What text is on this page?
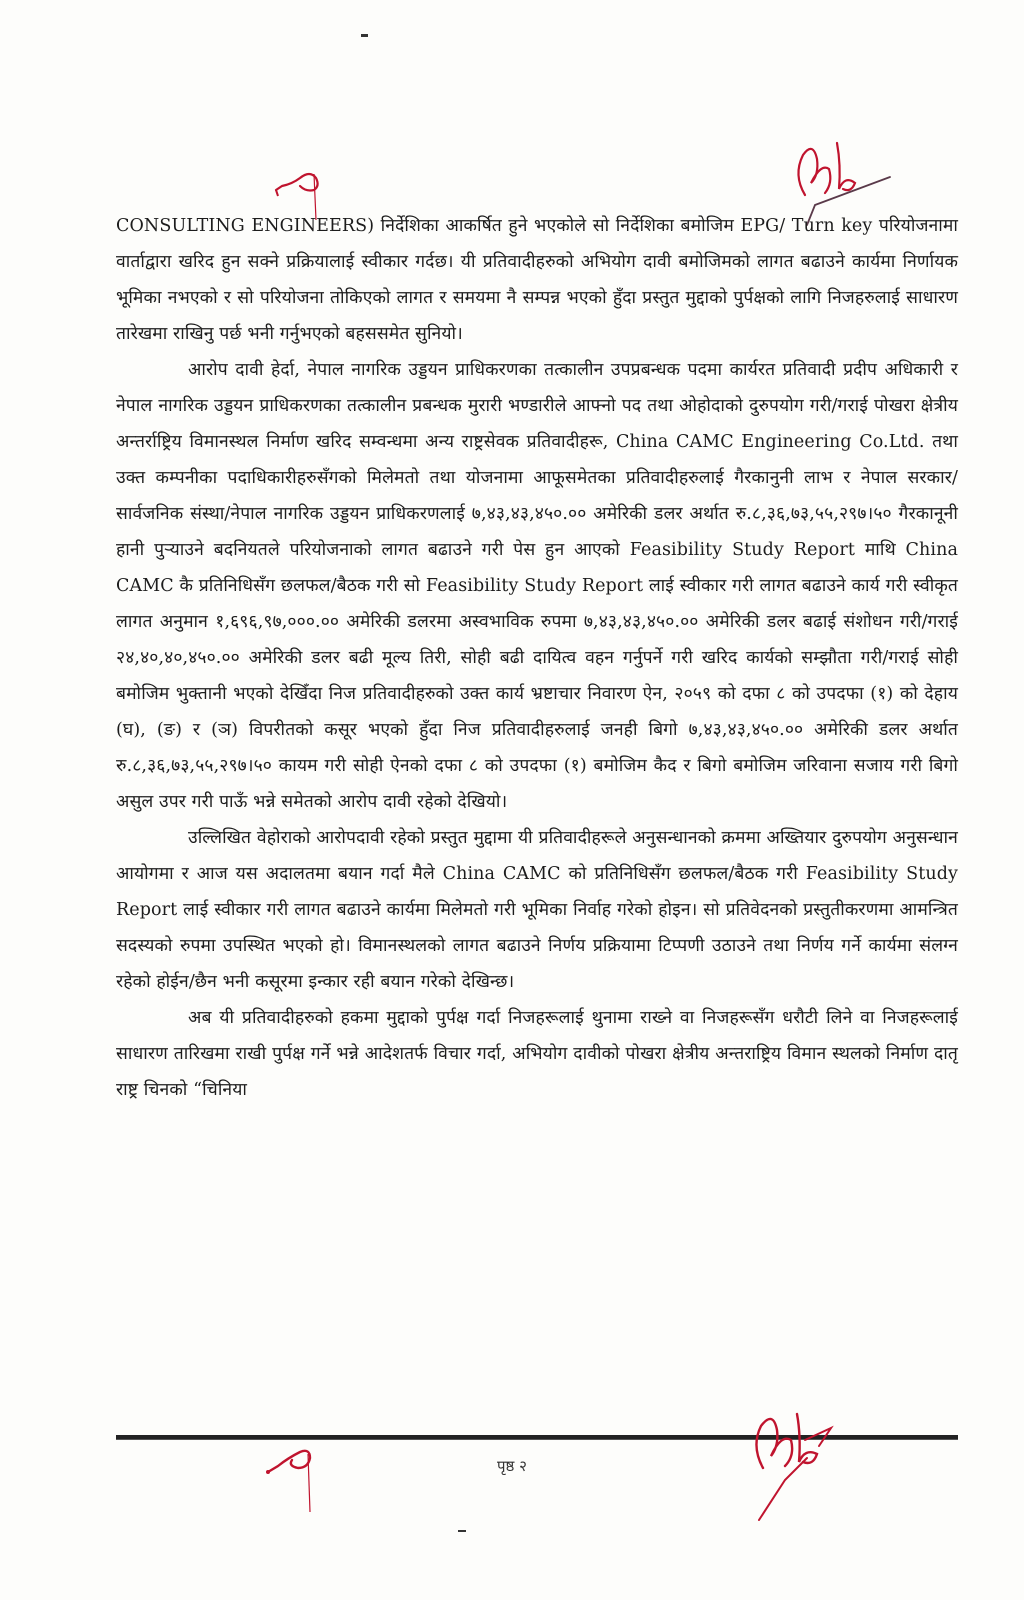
CONSULTING ENGINEERS) निर्देशिका आकर्षित हुने भएकोले सो निर्देशिका बमोजिम EPG/ Turn key परियोजनामा वार्ताद्वारा खरिद हुन सक्ने प्रक्रियालाई स्वीकार गर्दछ। यी प्रतिवादीहरुको अभियोग दावी बमोजिमको लागत बढाउने कार्यमा निर्णायक भूमिका नभएको र सो परियोजना तोकिएको लागत र समयमा नै सम्पन्न भएको हुँदा प्रस्तुत मुद्दाको पुर्पक्षको लागि निजहरुलाई साधारण तारेखमा राखिनु पर्छ भनी गर्नुभएको बहससमेत सुनियो।

आरोप दावी हेर्दा, नेपाल नागरिक उड्डयन प्राधिकरणका तत्कालीन उपप्रबन्धक पदमा कार्यरत प्रतिवादी प्रदीप अधिकारी र नेपाल नागरिक उड्डयन प्राधिकरणका तत्कालीन प्रबन्धक मुरारी भण्डारीले आफ्नो पद तथा ओहोदाको दुरुपयोग गरी/गराई पोखरा क्षेत्रीय अन्तर्राष्ट्रिय विमानस्थल निर्माण खरिद सम्वन्धमा अन्य राष्ट्रसेवक प्रतिवादीहरू, China CAMC Engineering Co.Ltd. तथा उक्त कम्पनीका पदाधिकारीहरुसँगको मिलेमतो तथा योजनामा आफूसमेतका प्रतिवादीहरुलाई गैरकानुनी लाभ र नेपाल सरकार/सार्वजनिक संस्था/नेपाल नागरिक उड्डयन प्राधिकरणलाई ७,४३,४३,४५०.०० अमेरिकी डलर अर्थात रु.८,३६,७३,५५,२९७।५० गैरकानूनी हानी पुऱ्याउने बदनियतले परियोजनाको लागत बढाउने गरी पेस हुन आएको Feasibility Study Report माथि China CAMC कै प्रतिनिधिसँग छलफल/बैठक गरी सो Feasibility Study Report लाई स्वीकार गरी लागत बढाउने कार्य गरी स्वीकृत लागत अनुमान १,६९६,९७,०००.०० अमेरिकी डलरमा अस्वभाविक रुपमा ७,४३,४३,४५०.०० अमेरिकी डलर बढाई संशोधन गरी/गराई २४,४०,४०,४५०.०० अमेरिकी डलर बढी मूल्य तिरी, सोही बढी दायित्व वहन गर्नुपर्ने गरी खरिद कार्यको सम्झौता गरी/गराई सोही बमोजिम भुक्तानी भएको देखिँदा निज प्रतिवादीहरुको उक्त कार्य भ्रष्टाचार निवारण ऐन, २०५९ को दफा ८ को उपदफा (१) को देहाय (घ), (ङ) र (ञ) विपरीतको कसूर भएको हुँदा निज प्रतिवादीहरुलाई जनही बिगो ७,४३,४३,४५०.०० अमेरिकी डलर अर्थात रु.८,३६,७३,५५,२९७।५० कायम गरी सोही ऐनको दफा ८ को उपदफा (१) बमोजिम कैद र बिगो बमोजिम जरिवाना सजाय गरी बिगो असुल उपर गरी पाऊँ भन्ने समेतको आरोप दावी रहेको देखियो।

उल्लिखित वेहोराको आरोपदावी रहेको प्रस्तुत मुद्दामा यी प्रतिवादीहरूले अनुसन्धानको क्रममा अख्तियार दुरुपयोग अनुसन्धान आयोगमा र आज यस अदालतमा बयान गर्दा मैले China CAMC को प्रतिनिधिसँग छलफल/बैठक गरी Feasibility Study Report लाई स्वीकार गरी लागत बढाउने कार्यमा मिलेमतो गरी भूमिका निर्वाह गरेको होइन। सो प्रतिवेदनको प्रस्तुतीकरणमा आमन्त्रित सदस्यको रुपमा उपस्थित भएको हो। विमानस्थलको लागत बढाउने निर्णय प्रक्रियामा टिप्पणी उठाउने तथा निर्णय गर्ने कार्यमा संलग्न रहेको होईन/छैन भनी कसूरमा इन्कार रही बयान गरेको देखिन्छ।

अब यी प्रतिवादीहरुको हकमा मुद्दाको पुर्पक्ष गर्दा निजहरूलाई थुनामा राख्ने वा निजहरूसँग धरौटी लिने वा निजहरूलाई साधारण तारिखमा राखी पुर्पक्ष गर्ने भन्ने आदेशतर्फ विचार गर्दा, अभियोग दावीको पोखरा क्षेत्रीय अन्तराष्ट्रिय विमान स्थलको निर्माण दातृ राष्ट्र चिनको “चिनिया

पृष्ठ २
